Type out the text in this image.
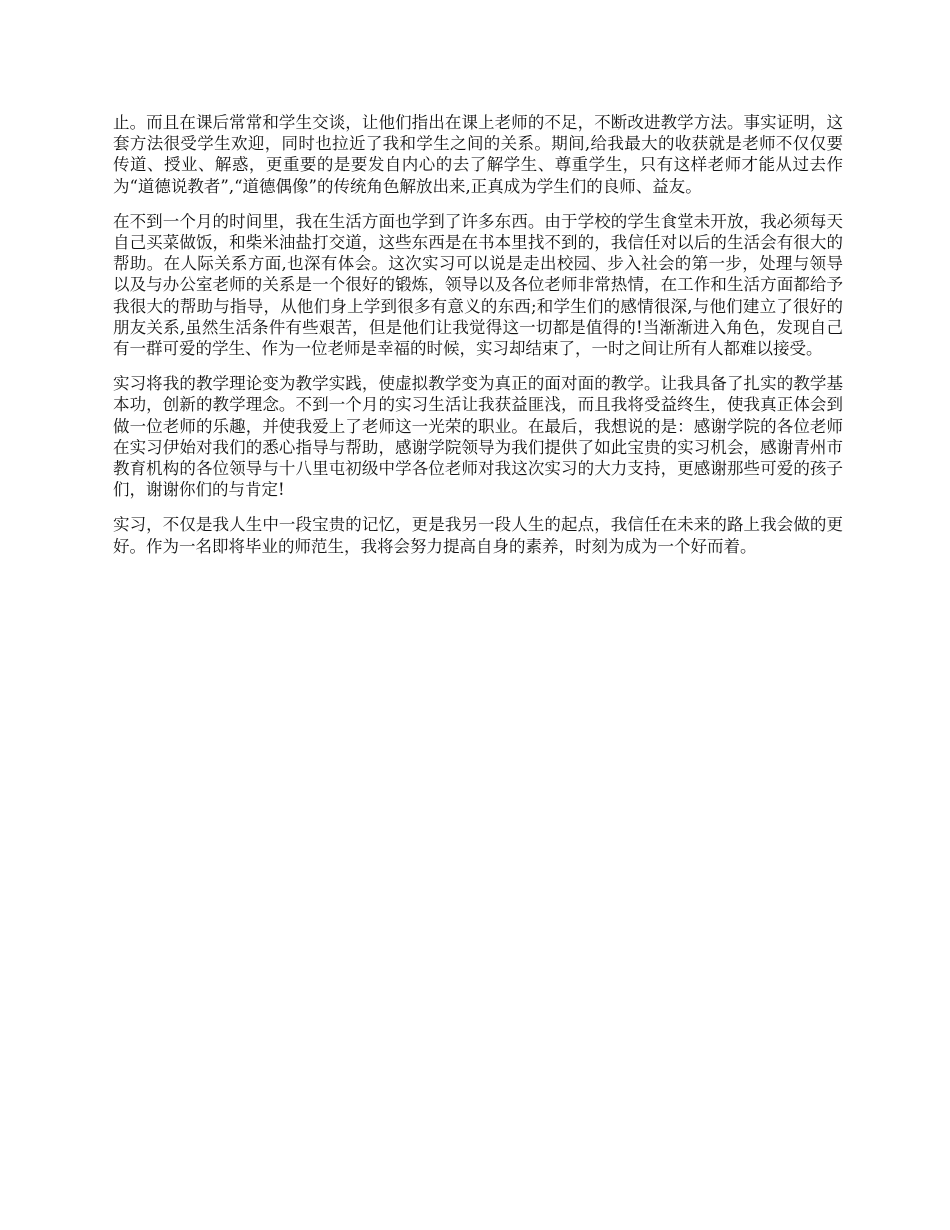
止。而且在课后常常和学生交谈，让他们指出在课上老师的不足，不断改进教学方法。事实证明，这套方法很受学生欢迎，同时也拉近了我和学生之间的关系。期间,给我最大的收获就是老师不仅仅要传道、授业、解惑，更重要的是要发自内心的去了解学生、尊重学生，只有这样老师才能从过去作为“道德说教者”,“道德偶像”的传统角色解放出来,正真成为学生们的良师、益友。

在不到一个月的时间里，我在生活方面也学到了许多东西。由于学校的学生食堂未开放，我必须每天自己买菜做饭，和柴米油盐打交道，这些东西是在书本里找不到的，我信任对以后的生活会有很大的帮助。在人际关系方面,也深有体会。这次实习可以说是走出校园、步入社会的第一步，处理与领导以及与办公室老师的关系是一个很好的锻炼，领导以及各位老师非常热情，在工作和生活方面都给予我很大的帮助与指导，从他们身上学到很多有意义的东西;和学生们的感情很深,与他们建立了很好的朋友关系,虽然生活条件有些艰苦，但是他们让我觉得这一切都是值得的!当渐渐进入角色，发现自己有一群可爱的学生、作为一位老师是幸福的时候，实习却结束了，一时之间让所有人都难以接受。

实习将我的教学理论变为教学实践，使虚拟教学变为真正的面对面的教学。让我具备了扎实的教学基本功，创新的教学理念。不到一个月的实习生活让我获益匪浅，而且我将受益终生，使我真正体会到做一位老师的乐趣，并使我爱上了老师这一光荣的职业。在最后，我想说的是：感谢学院的各位老师在实习伊始对我们的悉心指导与帮助，感谢学院领导为我们提供了如此宝贵的实习机会，感谢青州市教育机构的各位领导与十八里屯初级中学各位老师对我这次实习的大力支持，更感谢那些可爱的孩子们，谢谢你们的与肯定!

实习，不仅是我人生中一段宝贵的记忆，更是我另一段人生的起点，我信任在未来的路上我会做的更好。作为一名即将毕业的师范生，我将会努力提高自身的素养，时刻为成为一个好而着。
